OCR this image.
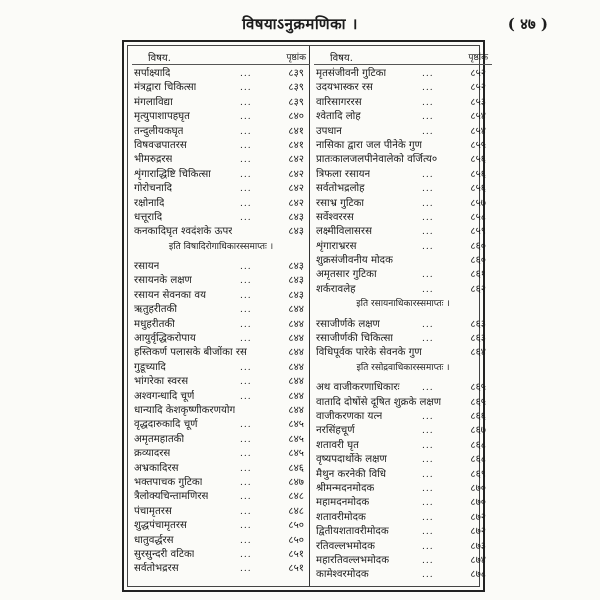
विषयाऽनुक्रमणिका ।	( ४७ )
विषय.	पृष्ठांक
सर्पाक्ष्यादि	...	८३९
मंत्रद्वारा चिकित्सा	...	८३९
मंगलाविद्या	...	८३९
मृत्युपाशापहघृत	...	८४०
तन्दुलीयकघृत	...	८४१
विषवज्रपातरस	...	८४१
भीमरुद्ररस	...	८४२
शृंगाराद्धिष्टि चिकित्सा	...	८४२
गोरोचनादि	...	८४२
रक्षोनादि	...	८४२
धत्तूरादि	...	८४३
कनकादिघृत श्वदंशके ऊपर	८४३
इति विषादिरोगाधिकारस्समाप्तः ।
रसायन	...	८४३
रसायनके लक्षण	...	८४३
रसायन सेवनका वय	...	८४३
ऋतुहरीतकी	...	८४४
मधुहरीतकी	...	८४४
आयुर्वृद्धिकरोपाय	...	८४४
हस्तिकर्ण पलासके बीजोंका रस	८४४
गुडूच्यादि	...	८४४
भांगरेका स्वरस	...	८४४
अश्वगन्धादि चूर्ण	...	८४४
धान्यादि केशकृष्णीकरणयोग	८४४
वृद्धदारुकादि चूर्ण	...	८४५
अमृतमहातकी	...	८४५
क्रव्यादरस	...	८४५
अभ्रकादिरस	...	८४६
भक्तपाचक गुटिका	...	८४७
त्रैलोक्यचिन्तामणिरस	...	८४८
पंचामृतरस	...	८४८
शुद्धपंचामृतरस	...	८५०
धातुवर्द्धरस	...	८५०
सुरसुन्दरी वटिका	...	८५१
सर्वतोभद्ररस	...	८५१
विषय.	पृष्ठांक
मृतसंजीवनी गुटिका	...	८५२
उदयभास्कर रस	...	८५२
वारिसागररस	...	८५३
श्वेतादि लोह	...	८५४
उपधान	...	८५४
नासिका द्वारा जल पीनेके गुण	८५५
प्रातःकालजलपीनेवालेको वर्जित्य०	८५६
त्रिफला रसायन	...	८५६
सर्वतोभद्रलोह	...	८५६
रसाभ्र गुटिका	...	८५७
सर्वेश्वररस	...	८५८
लक्ष्मीविलासरस	...	८५९
शृंगाराभ्ररस	...	८६०
शुक्रसंजीवनीय मोदक	८६०
अमृतसार गुटिका	...	८६१
शर्करावलेह	...	८६२
इति रसायनाधिकारस्समाप्तः ।
रसाजीर्णके लक्षण	...	८६३
रसाजीर्णकी चिकित्सा	...	८६३
विधिपूर्वक पारेके सेवनके गुण	८६४
इति रसोद्रवाधिकारस्समाप्तः ।
अथ वाजीकरणाधिकारः ...	८६५
वातादि दोषोंसे दूषित शुक्रके लक्षण	८६५
वाजीकरणका यत्न	...	८६६
नरसिंहचूर्ण	...	८६७
शतावरी घृत	...	८६८
वृष्यपदार्थोके लक्षण	...	८६८
मैथुन करनेकी विधि	...	८६९
श्रीमन्मदनमोदक	...	८७०
महामदनमोदक	...	८७०
शतावरीमोदक	...	८७२
द्वितीयशतावरीमोदक	...	८७२
रतिवल्लभमोदक	...	८७३
महारतिवल्लभमोदक	...	८७४
कामेश्वरमोदक	...	८७८
